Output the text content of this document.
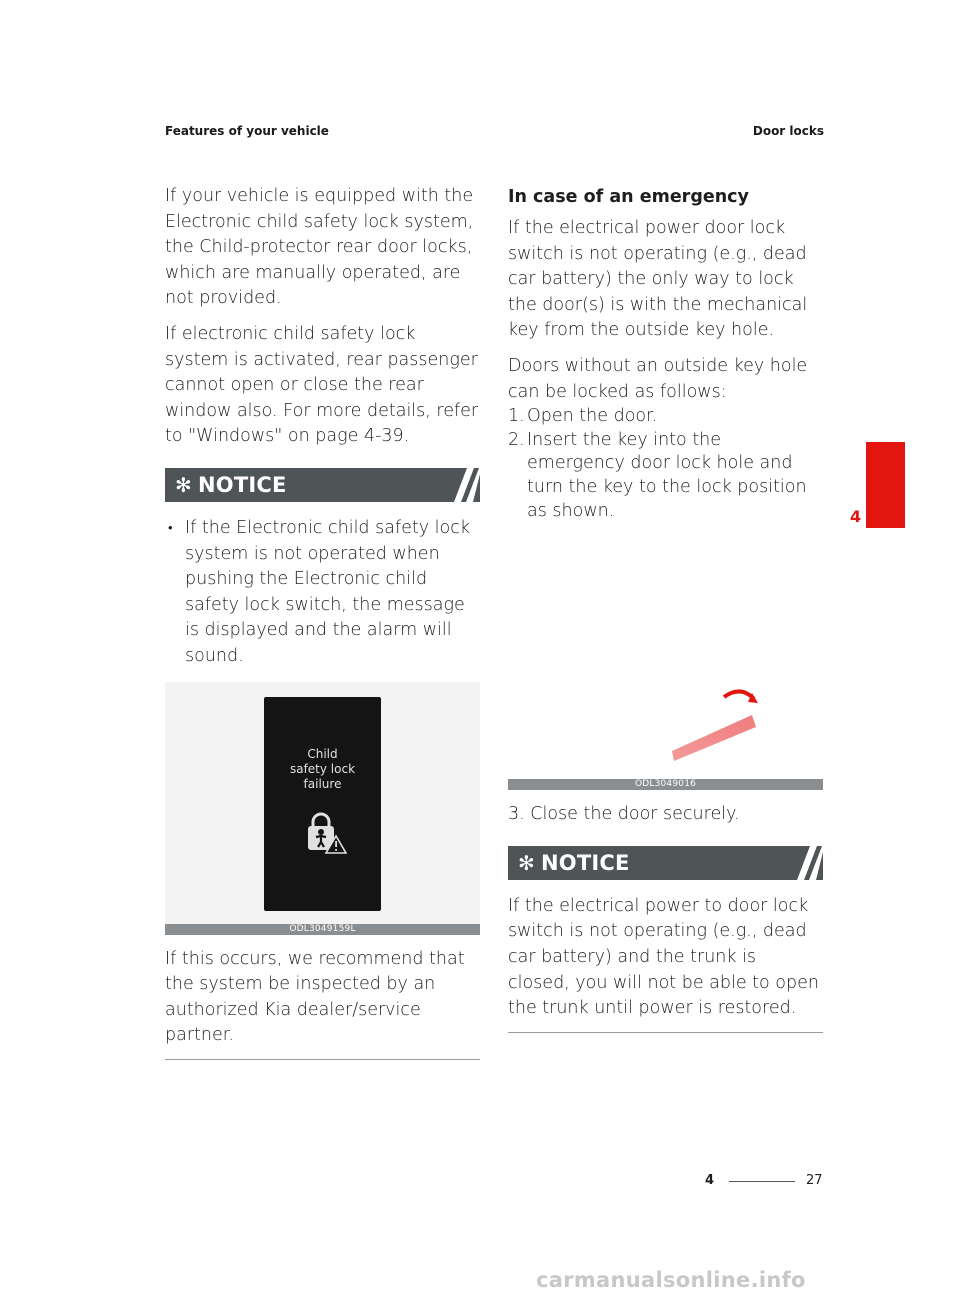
Features of your vehicle	Door locks

If your vehicle is equipped with the Electronic child safety lock system, the Child-protector rear door locks, which are manually operated, are not provided.

If electronic child safety lock system is activated, rear passenger cannot open or close the rear window also. For more details, refer to "Windows" on page 4-39.

✻ NOTICE
• If the Electronic child safety lock system is not operated when pushing the Electronic child safety lock switch, the message is displayed and the alarm will sound.
Child
safety lock
failure
ODL3049159L

If this occurs, we recommend that the system be inspected by an authorized Kia dealer/service partner.

In case of an emergency

If the electrical power door lock switch is not operating (e.g., dead car battery) the only way to lock the door(s) is with the mechanical key from the outside key hole.

Doors without an outside key hole can be locked as follows:

1. Open the door.
2. Insert the key into the emergency door lock hole and turn the key to the lock position as shown.
ODL3049016

3. Close the door securely.

✻ NOTICE

If the electrical power to door lock switch is not operating (e.g., dead car battery) and the trunk is closed, you will not be able to open the trunk until power is restored.

4
4	27
carmanualsonline.info
